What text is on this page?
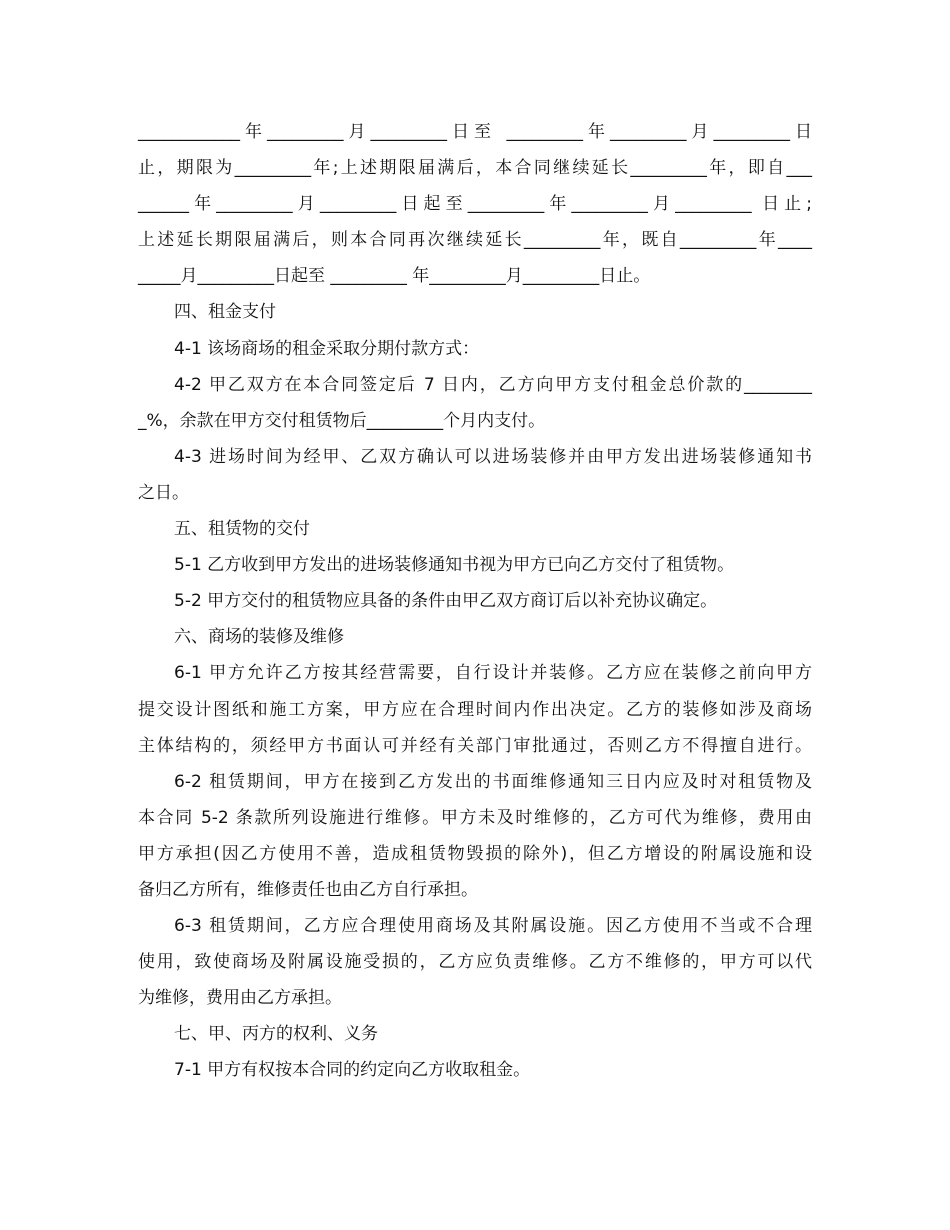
____________年_________月_________日至 _________年_________月_________日
止，期限为_________年;上述期限届满后，本合同继续延长_________年，即自___
______年_________月_________日起至_________年_________月_________ 日止;
上述延长期限届满后，则本合同再次继续延长_________年，既自_________年____
_____月_________日起至 _________ 年_________月_________日止。
四、租金支付
4-1 该场商场的租金采取分期付款方式：
4-2 甲乙双方在本合同签定后 7 日内，乙方向甲方支付租金总价款的________
_%，余款在甲方交付租赁物后_________个月内支付。
4-3 进场时间为经甲、乙双方确认可以进场装修并由甲方发出进场装修通知书
之日。
五、租赁物的交付
5-1 乙方收到甲方发出的进场装修通知书视为甲方已向乙方交付了租赁物。
5-2 甲方交付的租赁物应具备的条件由甲乙双方商订后以补充协议确定。
六、商场的装修及维修
6-1 甲方允许乙方按其经营需要，自行设计并装修。乙方应在装修之前向甲方
提交设计图纸和施工方案，甲方应在合理时间内作出决定。乙方的装修如涉及商场
主体结构的，须经甲方书面认可并经有关部门审批通过，否则乙方不得擅自进行。
6-2 租赁期间，甲方在接到乙方发出的书面维修通知三日内应及时对租赁物及
本合同 5-2 条款所列设施进行维修。甲方未及时维修的，乙方可代为维修，费用由
甲方承担(因乙方使用不善，造成租赁物毁损的除外)，但乙方增设的附属设施和设
备归乙方所有，维修责任也由乙方自行承担。
6-3 租赁期间，乙方应合理使用商场及其附属设施。因乙方使用不当或不合理
使用，致使商场及附属设施受损的，乙方应负责维修。乙方不维修的，甲方可以代
为维修，费用由乙方承担。
七、甲、丙方的权利、义务
7-1 甲方有权按本合同的约定向乙方收取租金。
